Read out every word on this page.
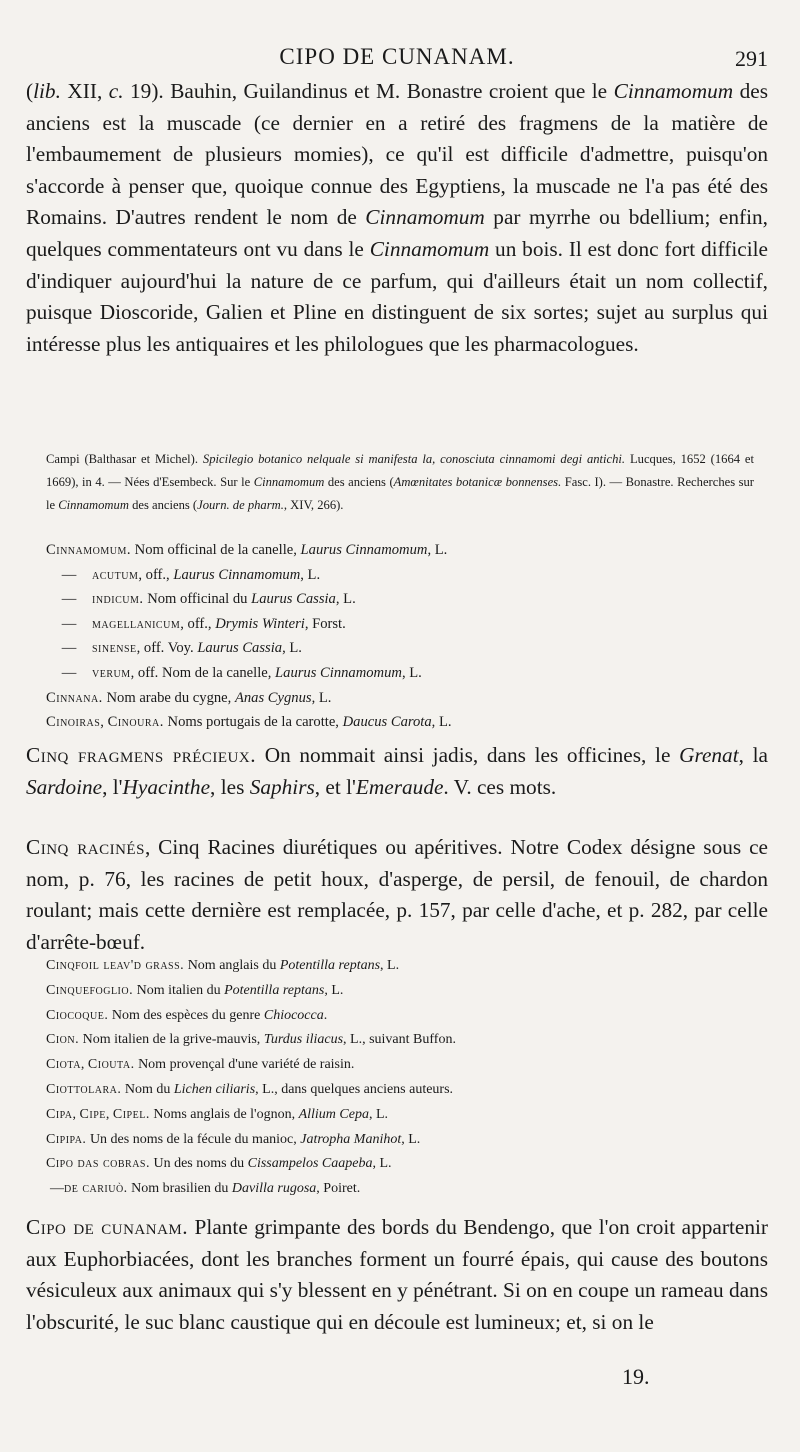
CIPO DE CUNANAM.	291

(lib. XII, c. 19). Bauhin, Guilandinus et M. Bonastre croient que le Cinnamomum des anciens est la muscade (ce dernier en a retiré des fragmens de la matière de l'embaumement de plusieurs momies), ce qu'il est difficile d'admettre, puisqu'on s'accorde à penser que, quoique connue des Egyptiens, la muscade ne l'a pas été des Romains. D'autres rendent le nom de Cinnamomum par myrrhe ou bdellium; enfin, quelques commentateurs ont vu dans le Cinnamomum un bois. Il est donc fort difficile d'indiquer aujourd'hui la nature de ce parfum, qui d'ailleurs était un nom collectif, puisque Dioscoride, Galien et Pline en distinguent de six sortes; sujet au surplus qui intéresse plus les antiquaires et les philologues que les pharmacologues.

Campi (Balthasar et Michel). Spicilegio botanico nelquale si manifesta la, conosciuta cinnamomi degi antichi. Lucques, 1652 (1664 et 1669), in 4. — Nées d'Esembeck. Sur le Cinnamomum des anciens (Amœnitates botanicæ bonnenses. Fasc. I). — Bonastre. Recherches sur le Cinnamomum des anciens (Journ. de pharm., XIV, 266).

Cinnamomum. Nom officinal de la canelle, Laurus Cinnamomum, L.
— acutum, off., Laurus Cinnamomum, L.
— indicum. Nom officinal du Laurus Cassia, L.
— magellanicum, off., Drymis Winteri, Forst.
— sinense, off. Voy. Laurus Cassia, L.
— verum, off. Nom de la canelle, Laurus Cinnamomum, L.
Cinnana. Nom arabe du cygne, Anas Cygnus, L.
Cinoiras, Cinoura. Noms portugais de la carotte, Daucus Carota, L.

Cinq fragmens précieux. On nommait ainsi jadis, dans les officines, le Grenat, la Sardoine, l'Hyacinthe, les Saphirs, et l'Emeraude. V. ces mots.

Cinq racinés, Cinq Racines diurétiques ou apéritives. Notre Codex désigne sous ce nom, p. 76, les racines de petit houx, d'asperge, de persil, de fenouil, de chardon roulant; mais cette dernière est remplacée, p. 157, par celle d'ache, et p. 282, par celle d'arrête-bœuf.

Cinqfoil leav'd grass. Nom anglais du Potentilla reptans, L.
Cinquefoglio. Nom italien du Potentilla reptans, L.
Ciocoque. Nom des espèces du genre Chiococca.
Cion. Nom italien de la grive-mauvis, Turdus iliacus, L., suivant Buffon.
Ciota, Ciouta. Nom provençal d'une variété de raisin.
Ciottolara. Nom du Lichen ciliaris, L., dans quelques anciens auteurs.
Cipa, Cipe, Cipel. Noms anglais de l'ognon, Allium Cepa, L.
Cipipa. Un des noms de la fécule du manioc, Jatropha Manihot, L.
Cipo das cobras. Un des noms du Cissampelos Caapeba, L.
—de cariuò. Nom brasilien du Davilla rugosa, Poiret.

Cipo de cunanam. Plante grimpante des bords du Bendengo, que l'on croit appartenir aux Euphorbiacées, dont les branches forment un fourré épais, qui cause des boutons vésiculeux aux animaux qui s'y blessent en y pénétrant. Si on en coupe un rameau dans l'obscurité, le suc blanc caustique qui en découle est lumineux; et, si on le

19.
